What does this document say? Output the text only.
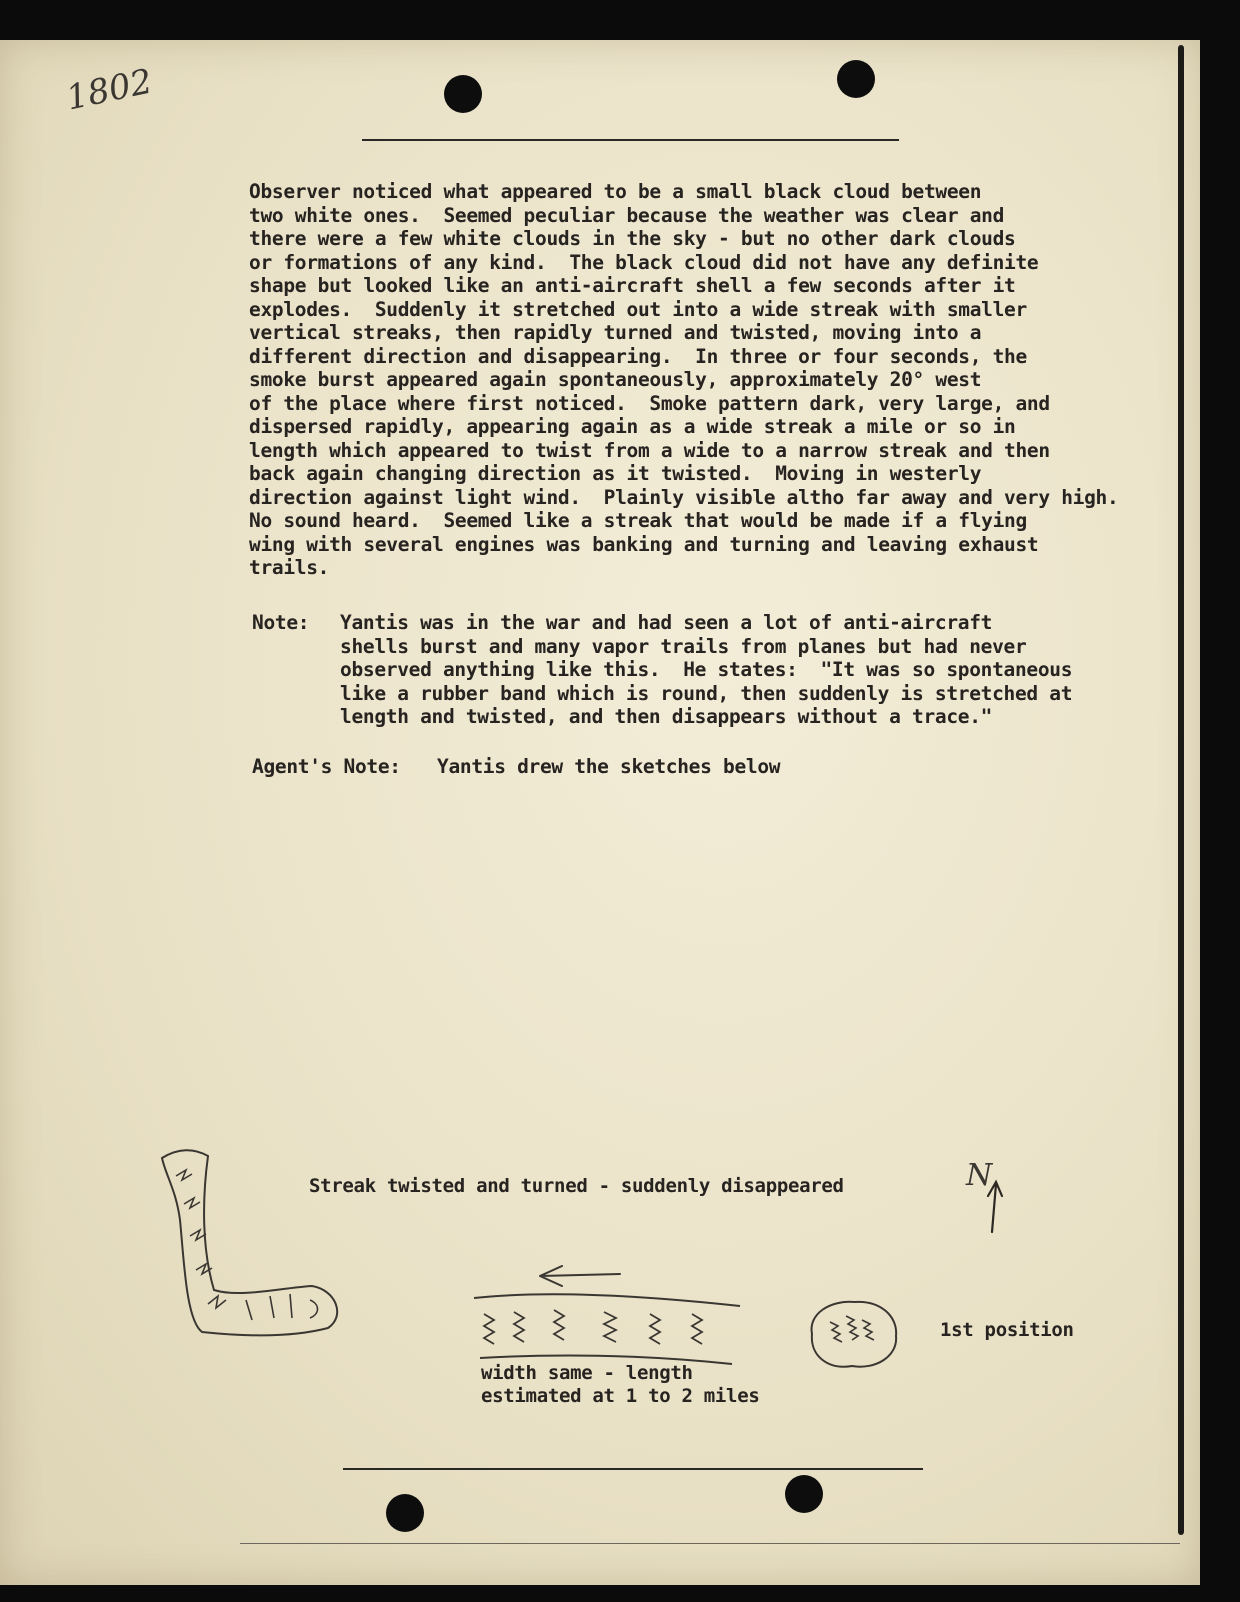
1802
Observer noticed what appeared to be a small black cloud between
two white ones.  Seemed peculiar because the weather was clear and
there were a few white clouds in the sky - but no other dark clouds
or formations of any kind.  The black cloud did not have any definite
shape but looked like an anti-aircraft shell a few seconds after it
explodes.  Suddenly it stretched out into a wide streak with smaller
vertical streaks, then rapidly turned and twisted, moving into a
different direction and disappearing.  In three or four seconds, the
smoke burst appeared again spontaneously, approximately 20° west
of the place where first noticed.  Smoke pattern dark, very large, and
dispersed rapidly, appearing again as a wide streak a mile or so in
length which appeared to twist from a wide to a narrow streak and then
back again changing direction as it twisted.  Moving in westerly
direction against light wind.  Plainly visible altho far away and very high.
No sound heard.  Seemed like a streak that would be made if a flying
wing with several engines was banking and turning and leaving exhaust
trails.
Note: Yantis was in the war and had seen a lot of anti-aircraft
shells burst and many vapor trails from planes but had never
observed anything like this.  He states:  "It was so spontaneous
like a rubber band which is round, then suddenly is stretched at
length and twisted, and then disappears without a trace."
Agent's Note: Yantis drew the sketches below
Streak twisted and turned - suddenly disappeared
1st position
width same - length
estimated at 1 to 2 miles
N
